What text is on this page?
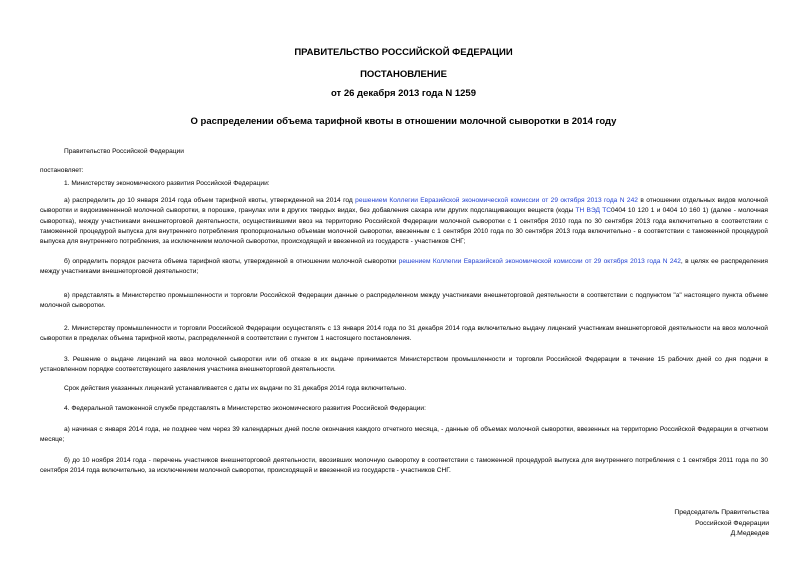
ПРАВИТЕЛЬСТВО РОССИЙСКОЙ ФЕДЕРАЦИИ
ПОСТАНОВЛЕНИЕ
от 26 декабря 2013 года N 1259
О распределении объема тарифной квоты в отношении молочной сыворотки в 2014 году
Правительство Российской Федерации
постановляет:
1. Министерству экономического развития Российской Федерации:
а) распределить до 10 января 2014 года объем тарифной квоты, утвержденной на 2014 год решением Коллегии Евразийской экономической комиссии от 29 октября 2013 года N 242 в отношении отдельных видов молочной сыворотки и видоизмененной молочной сыворотки, в порошке, гранулах или в других твердых видах, без добавления сахара или других подслащивающих веществ (коды ТН ВЭД ТС0404 10 120 1 и 0404 10 160 1) (далее - молочная сыворотка), между участниками внешнеторговой деятельности, осуществившими ввоз на территорию Российской Федерации молочной сыворотки с 1 сентября 2010 года по 30 сентября 2013 года включительно в соответствии с таможенной процедурой выпуска для внутреннего потребления пропорционально объемам молочной сыворотки, ввезенным с 1 сентября 2010 года по 30 сентября 2013 года включительно - в соответствии с таможенной процедурой выпуска для внутреннего потребления, за исключением молочной сыворотки, происходящей и ввезенной из государств - участников СНГ;
б) определить порядок расчета объема тарифной квоты, утвержденной в отношении молочной сыворотки решением Коллегии Евразийской экономической комиссии от 29 октября 2013 года N 242, в целях ее распределения между участниками внешнеторговой деятельности;
в) представлять в Министерство промышленности и торговли Российской Федерации данные о распределенном между участниками внешнеторговой деятельности в соответствии с подпунктом "а" настоящего пункта объеме молочной сыворотки.
2. Министерству промышленности и торговли Российской Федерации осуществлять с 13 января 2014 года по 31 декабря 2014 года включительно выдачу лицензий участникам внешнеторговой деятельности на ввоз молочной сыворотки в пределах объема тарифной квоты, распределенной в соответствии с пунктом 1 настоящего постановления.
3. Решение о выдаче лицензий на ввоз молочной сыворотки или об отказе в их выдаче принимается Министерством промышленности и торговли Российской Федерации в течение 15 рабочих дней со дня подачи в установленном порядке соответствующего заявления участника внешнеторговой деятельности.
Срок действия указанных лицензий устанавливается с даты их выдачи по 31 декабря 2014 года включительно.
4. Федеральной таможенной службе представлять в Министерство экономического развития Российской Федерации:
а) начиная с января 2014 года, не позднее чем через 39 календарных дней после окончания каждого отчетного месяца, - данные об объемах молочной сыворотки, ввезенных на территорию Российской Федерации в отчетном месяце;
б) до 10 ноября 2014 года - перечень участников внешнеторговой деятельности, ввозивших молочную сыворотку в соответствии с таможенной процедурой выпуска для внутреннего потребления с 1 сентября 2011 года по 30 сентября 2014 года включительно, за исключением молочной сыворотки, происходящей и ввезенной из государств - участников СНГ.
Председатель Правительства
Российской Федерации
Д.Медведев
